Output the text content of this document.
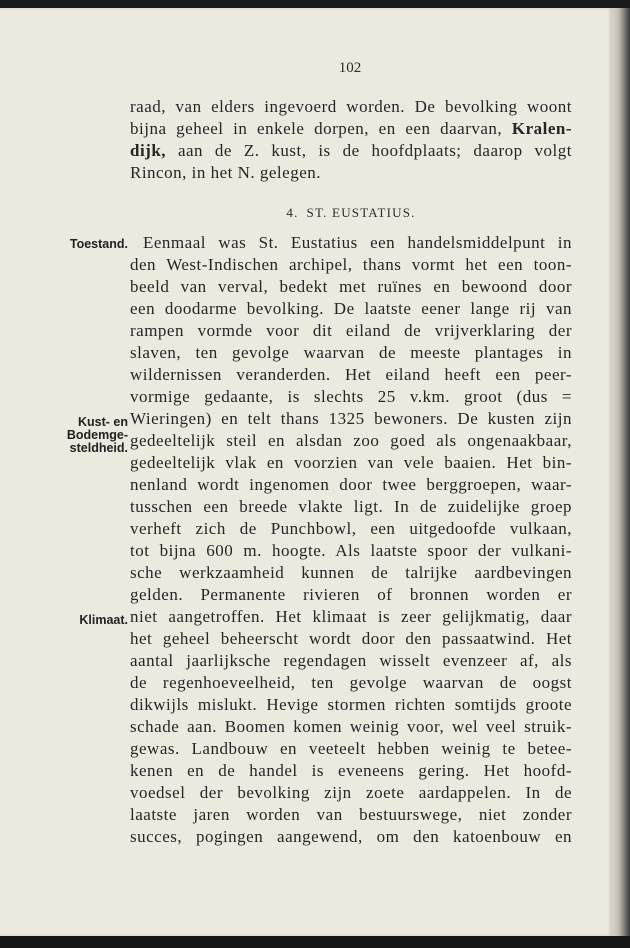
102
raad, van elders ingevoerd worden. De bevolking woont
bijna geheel in enkele dorpen, en een daarvan, Kralen-
dijk, aan de Z. kust, is de hoofdplaats; daarop volgt
Rincon, in het N. gelegen.
4. ST. EUSTATIUS.
Toestand.
Kust- en
Bodemge-
steldheid.
Klimaat.
Eenmaal was St. Eustatius een handelsmiddelpunt in
den West-Indischen archipel, thans vormt het een toon-
beeld van verval, bedekt met ruïnes en bewoond door
een doodarme bevolking. De laatste eener lange rij van
rampen vormde voor dit eiland de vrijverklaring der
slaven, ten gevolge waarvan de meeste plantages in
wildernissen veranderden. Het eiland heeft een peer-
vormige gedaante, is slechts 25 v.km. groot (dus =
Wieringen) en telt thans 1325 bewoners. De kusten zijn
gedeeltelijk steil en alsdan zoo goed als ongenaakbaar,
gedeeltelijk vlak en voorzien van vele baaien. Het bin-
nenland wordt ingenomen door twee berggroepen, waar-
tusschen een breede vlakte ligt. In de zuidelijke groep
verheft zich de Punchbowl, een uitgedoofde vulkaan,
tot bijna 600 m. hoogte. Als laatste spoor der vulkani-
sche werkzaamheid kunnen de talrijke aardbevingen
gelden. Permanente rivieren of bronnen worden er
niet aangetroffen. Het klimaat is zeer gelijkmatig, daar
het geheel beheerscht wordt door den passaatwind. Het
aantal jaarlijksche regendagen wisselt evenzeer af, als
de regenhoeveelheid, ten gevolge waarvan de oogst
dikwijls mislukt. Hevige stormen richten somtijds groote
schade aan. Boomen komen weinig voor, wel veel struik-
gewas. Landbouw en veeteelt hebben weinig te betee-
kenen en de handel is eveneens gering. Het hoofd-
voedsel der bevolking zijn zoete aardappelen. In de
laatste jaren worden van bestuurswege, niet zonder
succes, pogingen aangewend, om den katoenbouw en
